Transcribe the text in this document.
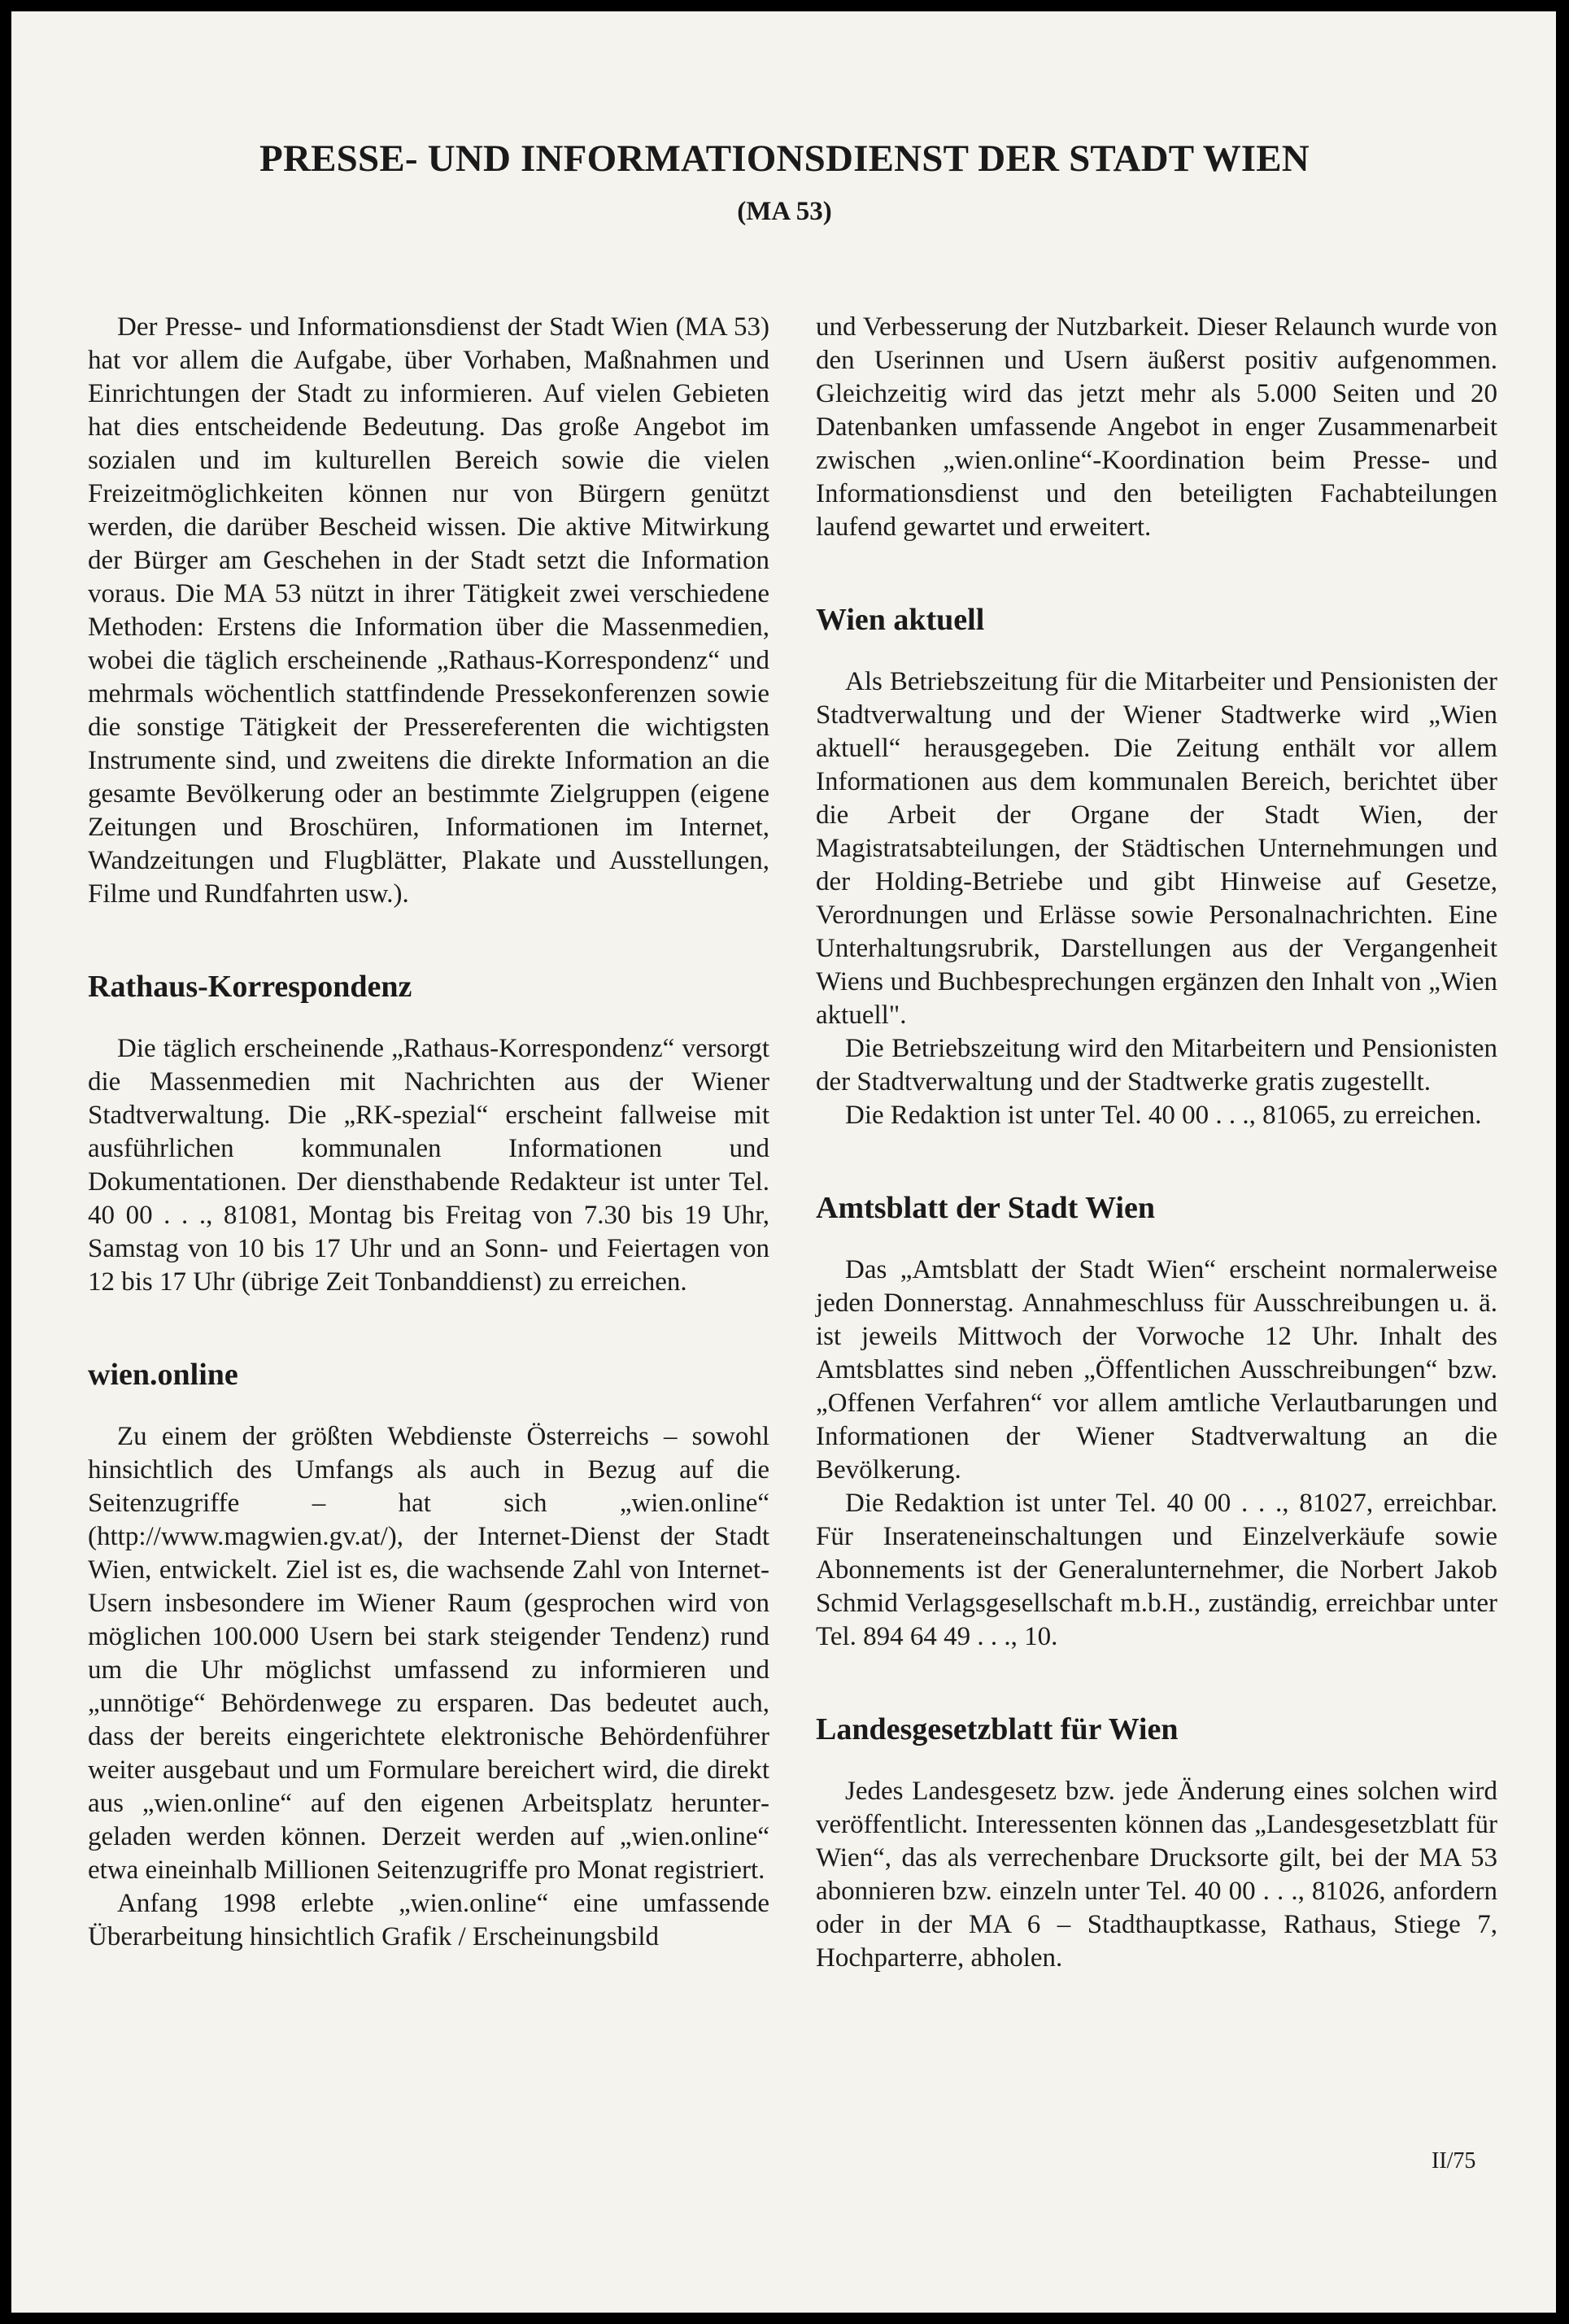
PRESSE- UND INFORMATIONSDIENST DER STADT WIEN
(MA 53)

Der Presse- und Informationsdienst der Stadt Wien (MA 53) hat vor allem die Aufgabe, über Vorhaben, Maßnahmen und Einrichtungen der Stadt zu informieren. Auf vielen Gebieten hat dies entscheidende Bedeutung. Das große Angebot im sozialen und im kulturellen Bereich sowie die vielen Freizeitmöglichkeiten können nur von Bürgern genützt werden, die darüber Bescheid wissen. Die aktive Mitwirkung der Bürger am Geschehen in der Stadt setzt die Information voraus. Die MA 53 nützt in ihrer Tätigkeit zwei verschiedene Methoden: Erstens die Information über die Massenmedien, wobei die täglich erscheinende „Rathaus-Korrespondenz“ und mehrmals wöchentlich stattfindende Pressekonferenzen sowie die sonstige Tätigkeit der Pressereferenten die wichtigsten Instrumente sind, und zweitens die direkte Information an die gesamte Bevölkerung oder an bestimmte Zielgruppen (eigene Zeitungen und Broschüren, Informationen im Internet, Wandzeitungen und Flugblätter, Plakate und Ausstellungen, Filme und Rundfahrten usw.).

Rathaus-Korrespondenz

Die täglich erscheinende „Rathaus-Korrespondenz“ versorgt die Massenmedien mit Nachrichten aus der Wiener Stadtverwaltung. Die „RK-spezial“ erscheint fallweise mit ausführlichen kommunalen Informationen und Dokumentationen. Der diensthabende Redakteur ist unter Tel. 40 00 . . ., 81081, Montag bis Freitag von 7.30 bis 19 Uhr, Samstag von 10 bis 17 Uhr und an Sonn- und Feiertagen von 12 bis 17 Uhr (übrige Zeit Tonbanddienst) zu erreichen.

wien.online

Zu einem der größten Webdienste Österreichs – sowohl hinsichtlich des Umfangs als auch in Bezug auf die Seitenzugriffe – hat sich „wien.online“ (http://www.magwien.gv.at/), der Internet-Dienst der Stadt Wien, entwickelt. Ziel ist es, die wachsende Zahl von Internet-Usern insbesondere im Wiener Raum (gesprochen wird von möglichen 100.000 Usern bei stark steigender Tendenz) rund um die Uhr möglichst umfassend zu informieren und „unnötige“ Behördenwege zu ersparen. Das bedeutet auch, dass der bereits eingerichtete elektronische Behördenführer weiter ausgebaut und um Formulare bereichert wird, die direkt aus „wien.online“ auf den eigenen Arbeitsplatz heruntergeladen werden können. Derzeit werden auf „wien.online“ etwa eineinhalb Millionen Seitenzugriffe pro Monat registriert.

Anfang 1998 erlebte „wien.online“ eine umfassende Überarbeitung hinsichtlich Grafik / Erscheinungsbild

und Verbesserung der Nutzbarkeit. Dieser Relaunch wurde von den Userinnen und Usern äußerst positiv aufgenommen. Gleichzeitig wird das jetzt mehr als 5.000 Seiten und 20 Datenbanken umfassende Angebot in enger Zusammenarbeit zwischen „wien.online“-Koordination beim Presse- und Informationsdienst und den beteiligten Fachabteilungen laufend gewartet und erweitert.

Wien aktuell

Als Betriebszeitung für die Mitarbeiter und Pensionisten der Stadtverwaltung und der Wiener Stadtwerke wird „Wien aktuell“ herausgegeben. Die Zeitung enthält vor allem Informationen aus dem kommunalen Bereich, berichtet über die Arbeit der Organe der Stadt Wien, der Magistratsabteilungen, der Städtischen Unternehmungen und der Holding-Betriebe und gibt Hinweise auf Gesetze, Verordnungen und Erlässe sowie Personalnachrichten. Eine Unterhaltungsrubrik, Darstellungen aus der Vergangenheit Wiens und Buchbesprechungen ergänzen den Inhalt von „Wien aktuell".

Die Betriebszeitung wird den Mitarbeitern und Pensionisten der Stadtverwaltung und der Stadtwerke gratis zugestellt.

Die Redaktion ist unter Tel. 40 00 . . ., 81065, zu erreichen.

Amtsblatt der Stadt Wien

Das „Amtsblatt der Stadt Wien“ erscheint normalerweise jeden Donnerstag. Annahmeschluss für Ausschreibungen u. ä. ist jeweils Mittwoch der Vorwoche 12 Uhr. Inhalt des Amtsblattes sind neben „Öffentlichen Ausschreibungen“ bzw. „Offenen Verfahren“ vor allem amtliche Verlautbarungen und Informationen der Wiener Stadtverwaltung an die Bevölkerung.

Die Redaktion ist unter Tel. 40 00 . . ., 81027, erreichbar. Für Inserateneinschaltungen und Einzelverkäufe sowie Abonnements ist der Generalunternehmer, die Norbert Jakob Schmid Verlagsgesellschaft m.b.H., zuständig, erreichbar unter Tel. 894 64 49 . . ., 10.

Landesgesetzblatt für Wien

Jedes Landesgesetz bzw. jede Änderung eines solchen wird veröffentlicht. Interessenten können das „Landesgesetzblatt für Wien“, das als verrechenbare Drucksorte gilt, bei der MA 53 abonnieren bzw. einzeln unter Tel. 40 00 . . ., 81026, anfordern oder in der MA 6 – Stadthauptkasse, Rathaus, Stiege 7, Hochparterre, abholen.

II/75
